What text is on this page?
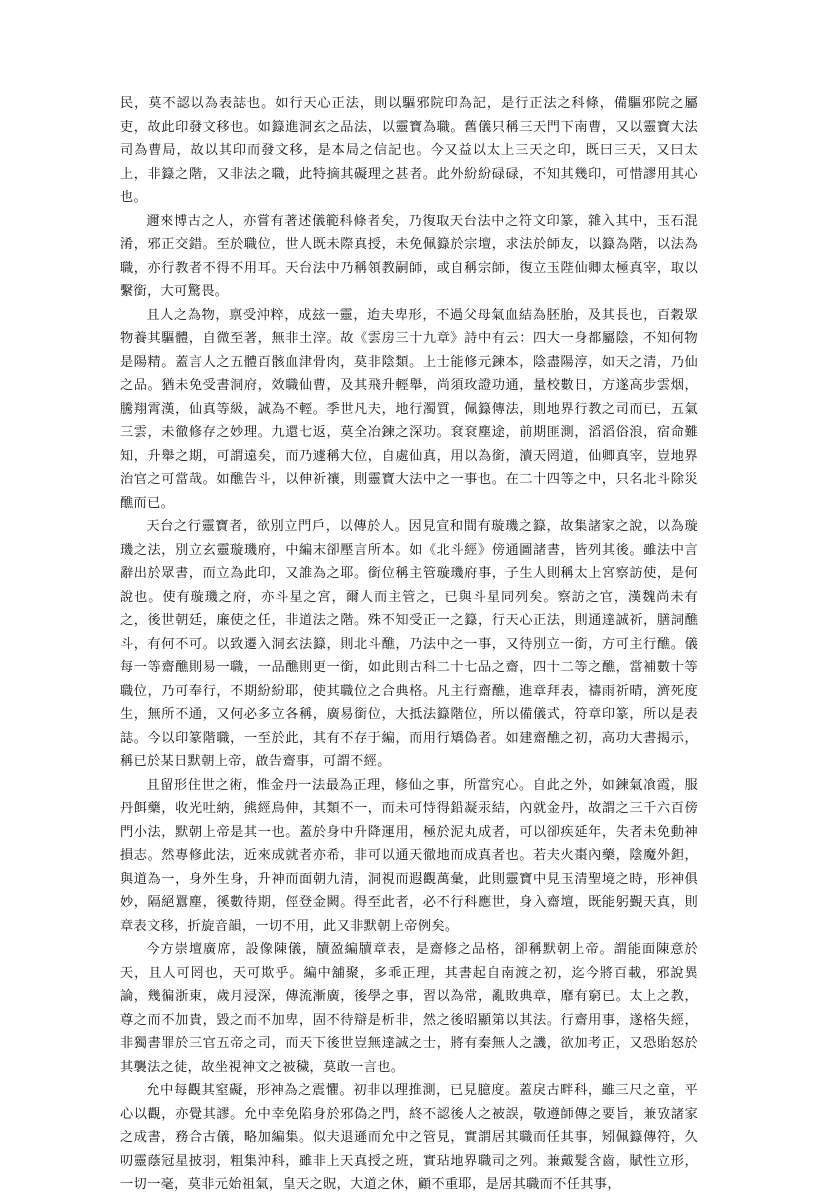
民，莫不認以為表誌也。如行天心正法，則以驅邪院印為記，是行正法之科條，備驅邪院之屬吏，故此印發文移也。如籙進洞玄之品法，以靈寶為職。舊儀只稱三天門下南曹，又以靈寶大法司為曹局，故以其印而發文移，是本局之信記也。今又益以太上三天之印，既曰三天，又曰太上，非籙之階，又非法之職，此特摘其礙理之甚者。此外紛紛碌碌，不知其幾印，可惜謬用其心也。

邇來博古之人，亦嘗有著述儀範科條者矣，乃復取天台法中之符文印篆，雜入其中，玉石混淆，邪正交錯。至於職位，世人既未際真授，未免佩籙於宗壇，求法於師友，以籙為階，以法為職，亦行教者不得不用耳。天台法中乃稱領教嗣師，或自稱宗師，復立玉陛仙卿太極真宰，取以繫銜，大可驚畏。

且人之為物，禀受沖粹，成玆一靈，迨夫卑形，不過父母氣血結為胚胎，及其長也，百穀眾物養其驅體，自微至著，無非土滓。故《雲房三十九章》詩中有云：四大一身都屬陰，不知何物是陽精。蓋言人之五體百骸血津骨肉，莫非陰類。上士能修元鍊本，陰盡陽淳，如天之清，乃仙之品。猶未免受書洞府，效職仙曹，及其飛升輕舉，尚須玫證功通，量校數日，方遂高步雲烟，騰翔霄漢，仙真等級，誠為不輕。季世凡夫，地行濁質，佩籙傳法，則地界行教之司而已，五氣三雲，未徹修存之妙理。九還七返，莫全冶鍊之深功。袞袞塵途，前期匪測，滔滔俗浪，宿命難知，升舉之期，可謂遠矣，而乃遽稱大位，自處仙真，用以為銜，瀆天罔道，仙卿真宰，豈地界治官之可當哉。如醮告斗，以伸祈禳，則靈寶大法中之一事也。在二十四等之中，只名北斗除災醮而已。

天台之行靈寶者，欲別立門戶，以傳於人。因見宣和間有璇璣之籙，故集諸家之說，以為璇璣之法，別立玄靈璇璣府，中編末卻壓言所本。如《北斗經》傍通圖諸書，皆列其後。雖法中言辭出於眾書，而立為此印，又誰為之耶。銜位稱主管璇璣府事，子生人則稱太上宮察訪使，是何說也。使有璇璣之府，亦斗星之宮，爾人而主管之，已與斗星同列矣。察訪之官，漢魏尚未有之，後世朝廷，廉使之任，非道法之階。殊不知受正一之籙，行天心正法，則通達誠祈，膳詞醮斗，有何不可。以致遷入洞玄法籙，則北斗醮，乃法中之一事，又待別立一銜，方可主行醮。儀每一等齋醮則易一職，一品醮則更一銜，如此則古科二十七品之齋，四十二等之醮，當補數十等職位，乃可奉行，不期紛紛耶，使其職位之合典格。凡主行齋醮，進章拜表，禱雨祈晴，濟死度生，無所不通，又何必多立各稱，廣易銜位，大抵法籙階位，所以備儀式，符章印篆，所以是表誌。今以印篆階職，一至於此，其有不存于編，而用行矯偽者。如建齋醮之初，高功大書揭示，稱已於某日默朝上帝，啟告齋事，可謂不經。

且留形住世之術，惟金丹一法最為正理，修仙之事，所當究心。自此之外，如鍊氣飡霞，服丹餌藥，收光吐納，熊經鳥伸，其類不一，而未可恃得鉛凝汞結，內就金丹，故謂之三千六百傍門小法，默朝上帝是其一也。蓋於身中升降運用，極於泥丸成者，可以卻疾延年，失者未免動神損志。然專修此法，近來成就者亦希，非可以通天徹地而成真者也。若夫火棗內藥，陰魔外鉭，與道為一，身外生身，升神而面朝九清，洞視而遐觀萬彙，此則靈寶中見玉清聖境之時，形神俱妙，隔絕囂塵，徯數待期，俓登金闕。得至此者，必不行科應世，身入齋壇，既能躬覲天真，則章表文移，折旋音韻，一切不用，此又非默朝上帝例矣。

今方崇壇廣席，設像陳儀，牘盈編牘章表，是齋修之品格，卻稱默朝上帝。謂能面陳意於天，且人可罔也，天可欺乎。編中舖聚，多乖正理，其書起自南渡之初，迄今將百載，邪說異論，幾徧浙東，歲月浸深，傳流漸廣，後學之事，習以為常，亂敗典章，靡有窮已。太上之教，尊之而不加貴，毀之而不加卑，固不待辯是析非，然之後昭顯第以其法。行齋用事，遂格失經，非獨書罪於三官五帝之司，而天下後世豈無達誠之士，將有秦無人之譏，欲加考正，又恐貽怒於其襲法之徒，故坐視神文之被穢，莫敢一言也。

允中每觀其窒礙，形神為之震懼。初非以理推測，已見臆度。蓋戾古畔科，雖三尺之童，平心以觀，亦覺其謬。允中幸免陷身於邪偽之門，終不認後人之被誤，敬遵師傳之要旨，兼攷諸家之成書，務合古儀，略加編集。似夫退遜而允中之管見，實謂居其職而任其事，矧佩籙傳符，久叨靈蔭冠星披羽，粗集沖科，雖非上天真授之班，實玷地界職司之列。兼戴髮含齒，賦性立形，一切一毫，莫非元始祖氣，皇天之貺，大道之休，顧不重耶，是居其職而不任其事，
